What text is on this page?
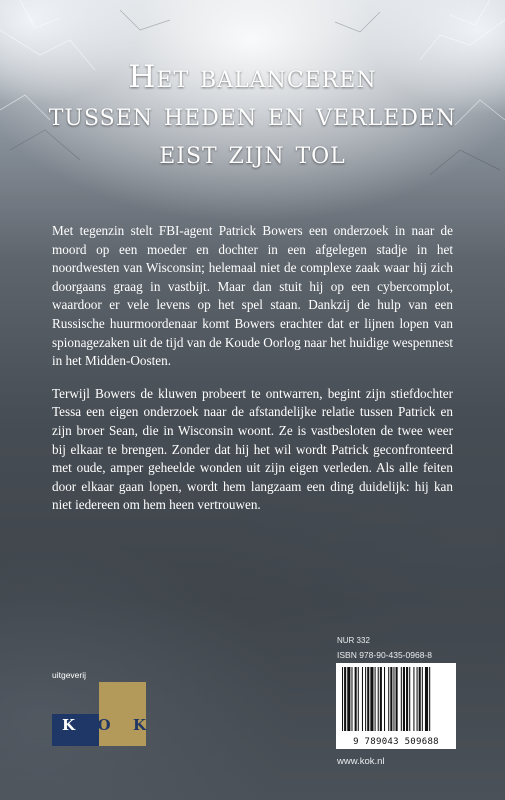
Het balanceren
tussen heden en verleden
eist zijn tol

Met tegenzin stelt FBI-agent Patrick Bowers een onderzoek in naar de moord op een moeder en dochter in een afgelegen stadje in het noordwesten van Wisconsin; helemaal niet de complexe zaak waar hij zich doorgaans graag in vastbijt. Maar dan stuit hij op een cybercomplot, waardoor er vele levens op het spel staan. Dankzij de hulp van een Russische huurmoordenaar komt Bowers erachter dat er lijnen lopen van spionagezaken uit de tijd van de Koude Oorlog naar het huidige wespennest in het Midden-Oosten.

Terwijl Bowers de kluwen probeert te ontwarren, begint zijn stiefdochter Tessa een eigen onderzoek naar de afstandelijke relatie tussen Patrick en zijn broer Sean, die in Wisconsin woont. Ze is vastbesloten de twee weer bij elkaar te brengen. Zonder dat hij het wil wordt Patrick geconfronteerd met oude, amper geheelde wonden uit zijn eigen verleden. Als alle feiten door elkaar gaan lopen, wordt hem langzaam een ding duidelijk: hij kan niet iedereen om hem heen vertrouwen.

uitgeverij
K O K
NUR 332
ISBN 978-90-435-0968-8
9 789043 509688
www.kok.nl
